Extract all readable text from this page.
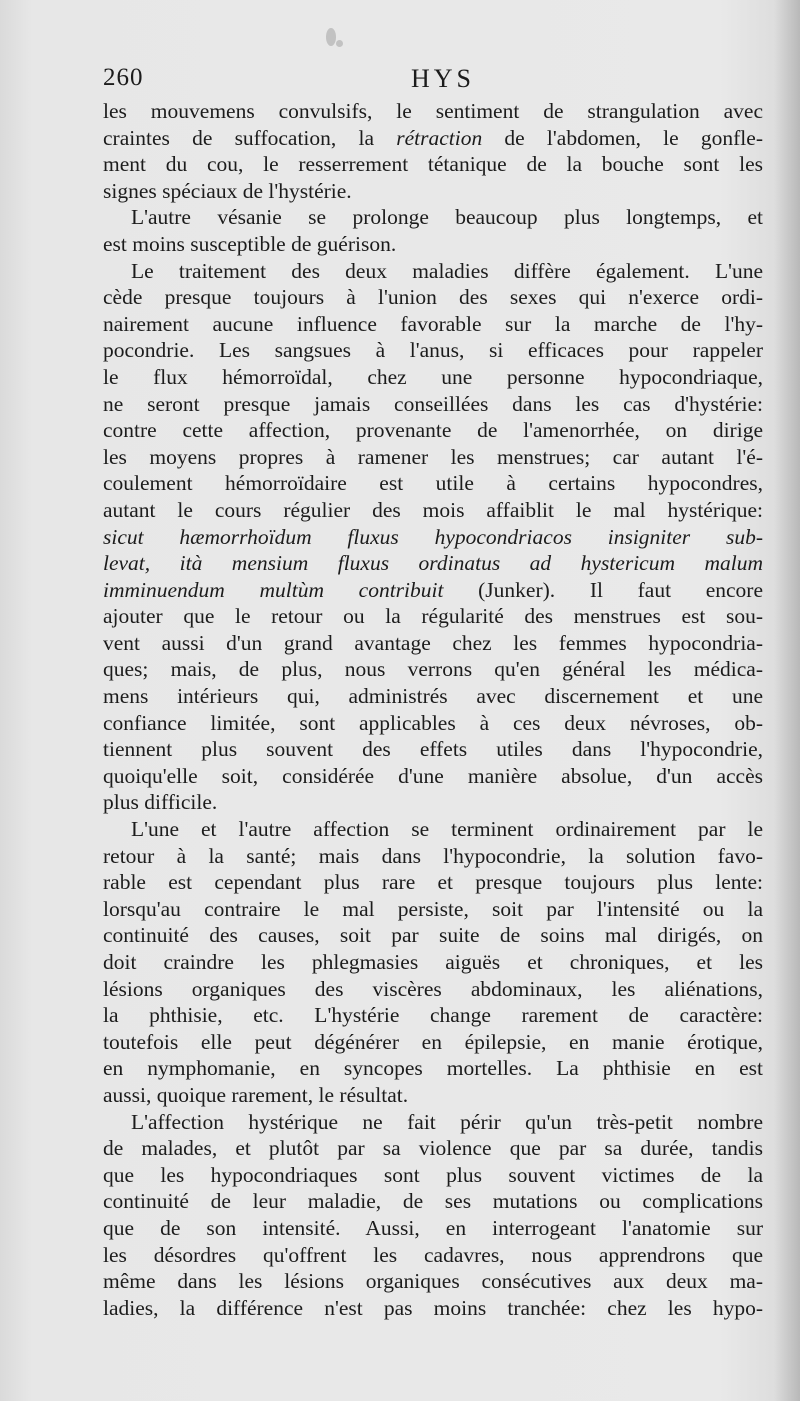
260	HYS
les mouvemens convulsifs, le sentiment de strangulation avec
craintes de suffocation, la rétraction de l'abdomen, le gonfle-
ment du cou, le resserrement tétanique de la bouche sont les
signes spéciaux de l'hystérie.
L'autre vésanie se prolonge beaucoup plus longtemps, et
est moins susceptible de guérison.
Le traitement des deux maladies diffère également. L'une
cède presque toujours à l'union des sexes qui n'exerce ordi-
nairement aucune influence favorable sur la marche de l'hy-
pocondrie. Les sangsues à l'anus, si efficaces pour rappeler
le flux hémorroïdal, chez une personne hypocondriaque,
ne seront presque jamais conseillées dans les cas d'hystérie:
contre cette affection, provenante de l'amenorrhée, on dirige
les moyens propres à ramener les menstrues; car autant l'é-
coulement hémorroïdaire est utile à certains hypocondres,
autant le cours régulier des mois affaiblit le mal hystérique:
sicut hæmorrhoïdum fluxus hypocondriacos insigniter sub-
levat, ità mensium fluxus ordinatus ad hystericum malum
imminuendum multùm contribuit (Junker). Il faut encore
ajouter que le retour ou la régularité des menstrues est sou-
vent aussi d'un grand avantage chez les femmes hypocondria-
ques; mais, de plus, nous verrons qu'en général les médica-
mens intérieurs qui, administrés avec discernement et une
confiance limitée, sont applicables à ces deux névroses, ob-
tiennent plus souvent des effets utiles dans l'hypocondrie,
quoiqu'elle soit, considérée d'une manière absolue, d'un accès
plus difficile.
L'une et l'autre affection se terminent ordinairement par le
retour à la santé; mais dans l'hypocondrie, la solution favo-
rable est cependant plus rare et presque toujours plus lente:
lorsqu'au contraire le mal persiste, soit par l'intensité ou la
continuité des causes, soit par suite de soins mal dirigés, on
doit craindre les phlegmasies aiguës et chroniques, et les
lésions organiques des viscères abdominaux, les aliénations,
la phthisie, etc. L'hystérie change rarement de caractère:
toutefois elle peut dégénérer en épilepsie, en manie érotique,
en nymphomanie, en syncopes mortelles. La phthisie en est
aussi, quoique rarement, le résultat.
L'affection hystérique ne fait périr qu'un très-petit nombre
de malades, et plutôt par sa violence que par sa durée, tandis
que les hypocondriaques sont plus souvent victimes de la
continuité de leur maladie, de ses mutations ou complications
que de son intensité. Aussi, en interrogeant l'anatomie sur
les désordres qu'offrent les cadavres, nous apprendrons que
même dans les lésions organiques consécutives aux deux ma-
ladies, la différence n'est pas moins tranchée: chez les hypo-
